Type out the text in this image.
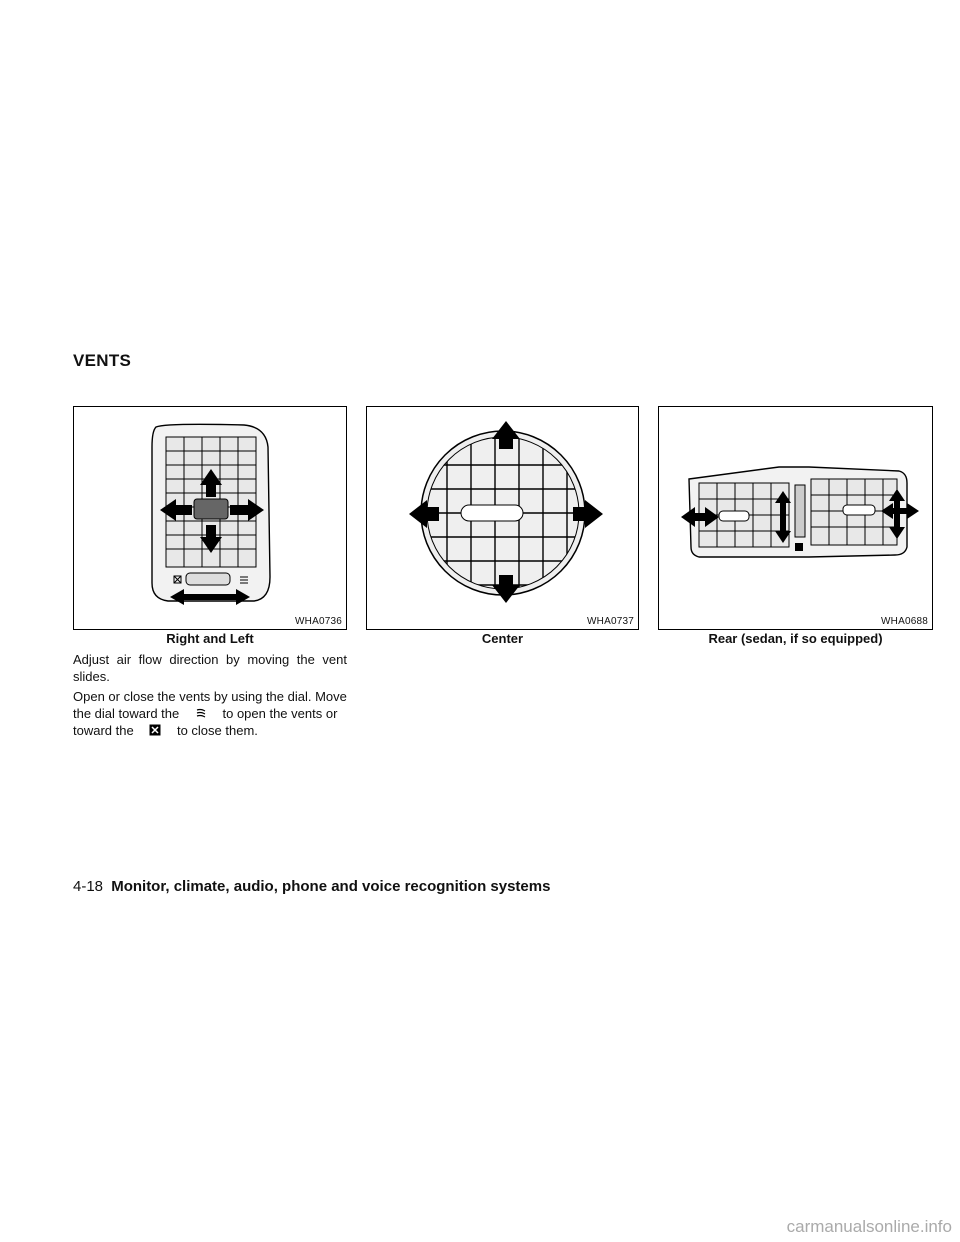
VENTS
WHA0736
Right and Left
WHA0737
Center
WHA0688
Rear (sedan, if so equipped)
Adjust air flow direction by moving the vent slides.
Open or close the vents by using the dial. Move
the dial toward the	to open the vents or
toward the	to close them.
4-18 Monitor, climate, audio, phone and voice recognition systems
carmanualsonline.info
